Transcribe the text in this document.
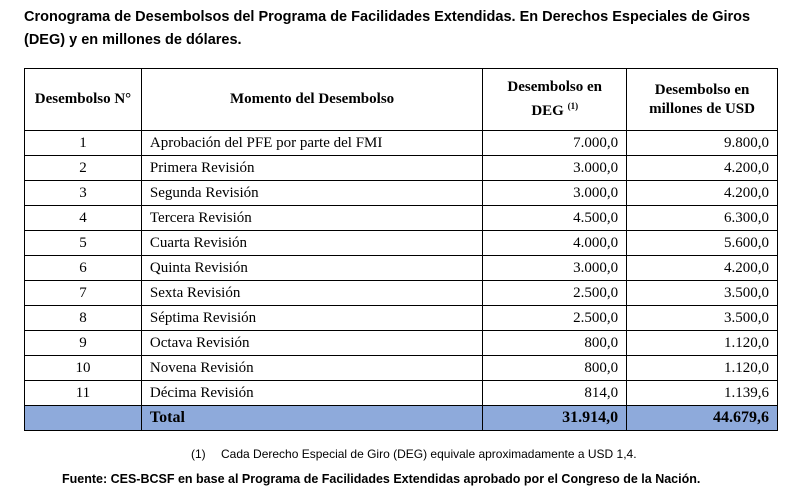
Cronograma de Desembolsos del Programa de Facilidades Extendidas. En Derechos Especiales de Giros (DEG) y en millones de dólares.
Desembolso N°	Momento del Desembolso	Desembolso en DEG $^{(1)}$	Desembolso en millones de USD
1	Aprobación del PFE por parte del FMI	7.000,0	9.800,0
2	Primera Revisión	3.000,0	4.200,0
3	Segunda Revisión	3.000,0	4.200,0
4	Tercera Revisión	4.500,0	6.300,0
5	Cuarta Revisión	4.000,0	5.600,0
6	Quinta Revisión	3.000,0	4.200,0
7	Sexta Revisión	2.500,0	3.500,0
8	Séptima Revisión	2.500,0	3.500,0
9	Octava Revisión	800,0	1.120,0
10	Novena Revisión	800,0	1.120,0
11	Décima Revisión	814,0	1.139,6
	Total	31.914,0	44.679,6
(1) Cada Derecho Especial de Giro (DEG) equivale aproximadamente a USD 1,4.
Fuente: CES-BCSF en base al Programa de Facilidades Extendidas aprobado por el Congreso de la Nación.
